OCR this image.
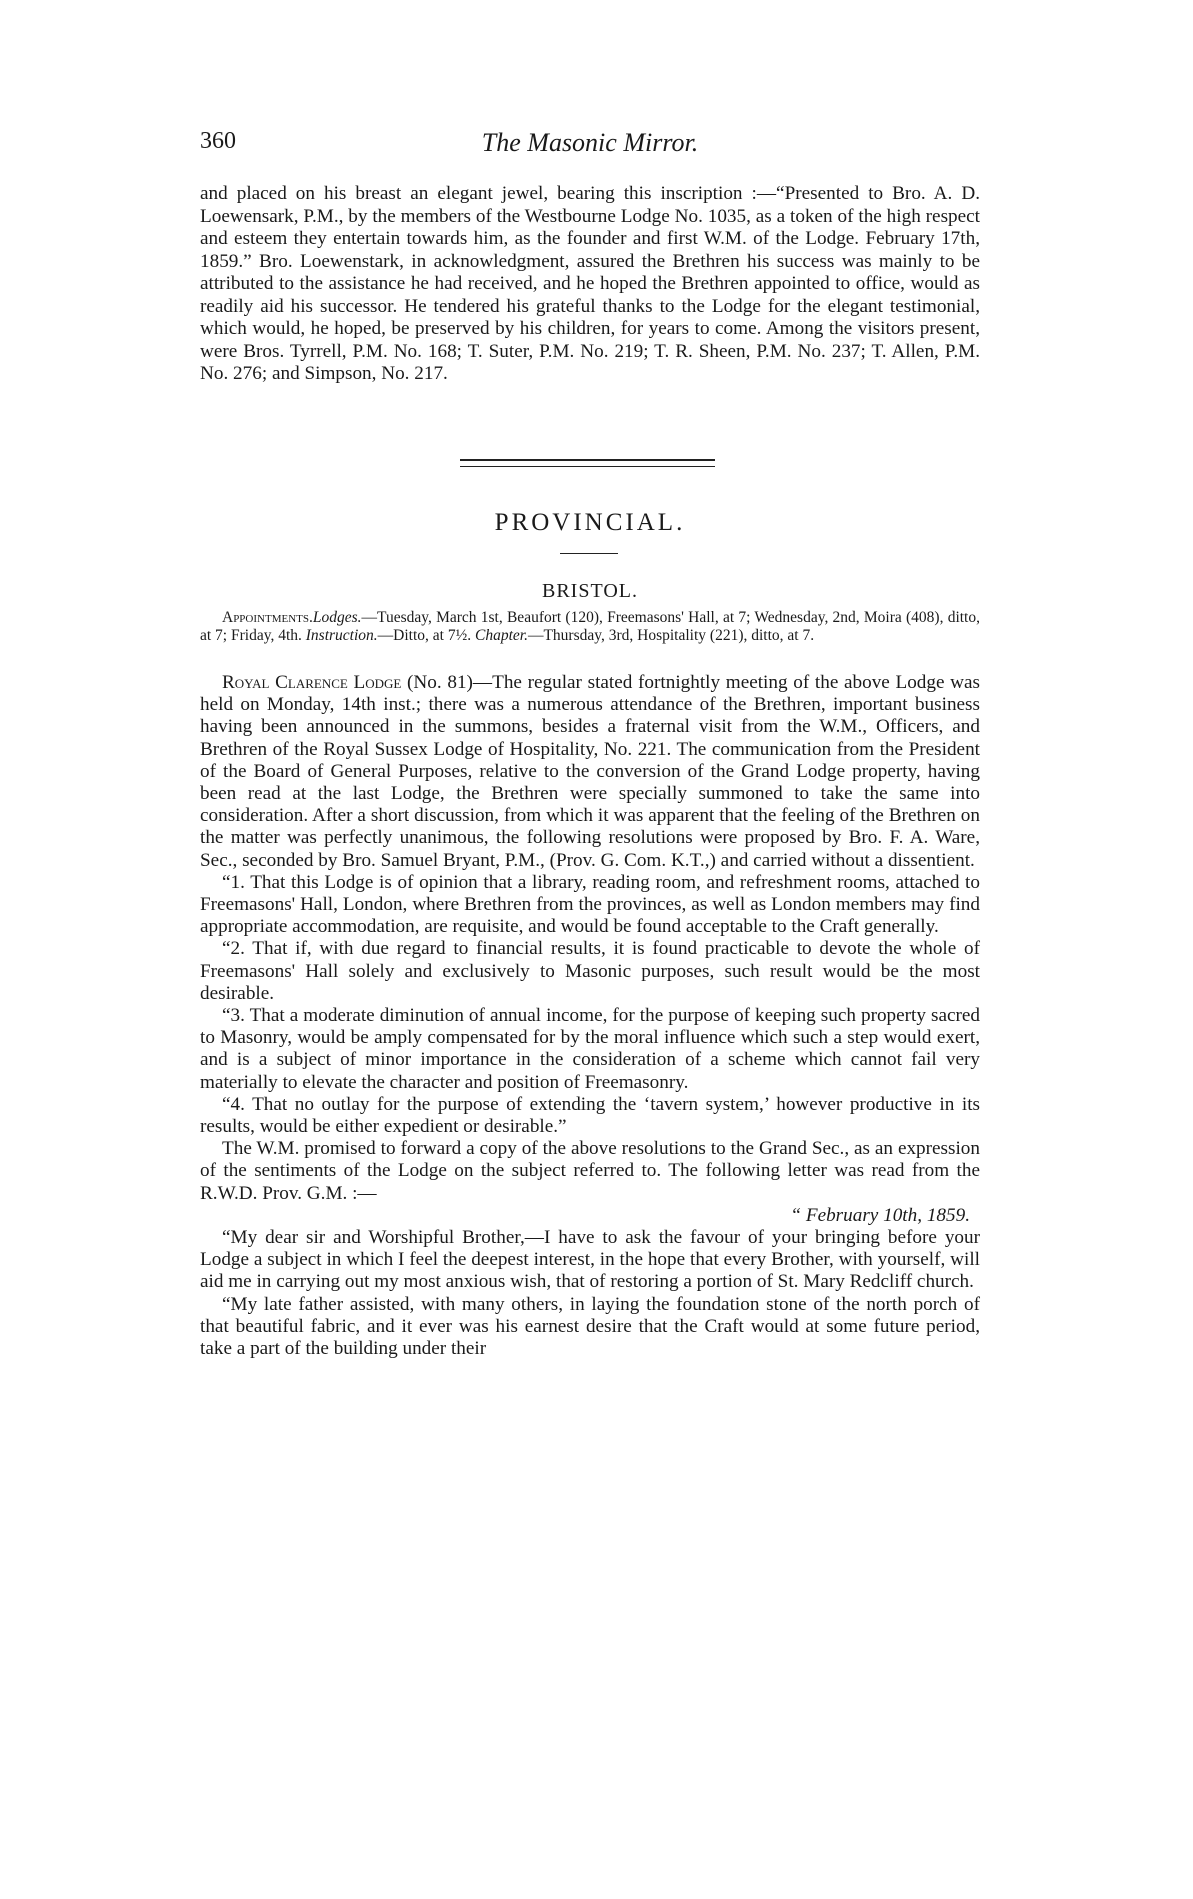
360	The Masonic Mirror.

and placed on his breast an elegant jewel, bearing this inscription :—“Presented to Bro. A. D. Loewensark, P.M., by the members of the Westbourne Lodge No. 1035, as a token of the high respect and esteem they entertain towards him, as the founder and first W.M. of the Lodge. February 17th, 1859.” Bro. Loewenstark, in acknowledgment, assured the Brethren his success was mainly to be attributed to the assistance he had received, and he hoped the Brethren appointed to office, would as readily aid his successor. He tendered his grateful thanks to the Lodge for the elegant testimonial, which would, he hoped, be preserved by his children, for years to come. Among the visitors present, were Bros. Tyrrell, P.M. No. 168; T. Suter, P.M. No. 219; T. R. Sheen, P.M. No. 237; T. Allen, P.M. No. 276; and Simpson, No. 217.

PROVINCIAL.
BRISTOL.

Appointments.Lodges.—Tuesday, March 1st, Beaufort (120), Freemasons' Hall, at 7; Wednesday, 2nd, Moira (408), ditto, at 7; Friday, 4th. Instruction.—Ditto, at 7½. Chapter.—Thursday, 3rd, Hospitality (221), ditto, at 7.

Royal Clarence Lodge (No. 81)—The regular stated fortnightly meeting of the above Lodge was held on Monday, 14th inst.; there was a numerous attendance of the Brethren, important business having been announced in the summons, besides a fraternal visit from the W.M., Officers, and Brethren of the Royal Sussex Lodge of Hospitality, No. 221. The communication from the President of the Board of General Purposes, relative to the conversion of the Grand Lodge property, having been read at the last Lodge, the Brethren were specially summoned to take the same into consideration. After a short discussion, from which it was apparent that the feeling of the Brethren on the matter was perfectly unanimous, the following resolutions were proposed by Bro. F. A. Ware, Sec., seconded by Bro. Samuel Bryant, P.M., (Prov. G. Com. K.T.,) and carried without a dissentient.

“1. That this Lodge is of opinion that a library, reading room, and refreshment rooms, attached to Freemasons' Hall, London, where Brethren from the provinces, as well as London members may find appropriate accommodation, are requisite, and would be found acceptable to the Craft generally.

“2. That if, with due regard to financial results, it is found practicable to devote the whole of Freemasons' Hall solely and exclusively to Masonic purposes, such result would be the most desirable.

“3. That a moderate diminution of annual income, for the purpose of keeping such property sacred to Masonry, would be amply compensated for by the moral influence which such a step would exert, and is a subject of minor importance in the consideration of a scheme which cannot fail very materially to elevate the character and position of Freemasonry.

“4. That no outlay for the purpose of extending the ‘tavern system,’ however productive in its results, would be either expedient or desirable.”

The W.M. promised to forward a copy of the above resolutions to the Grand Sec., as an expression of the sentiments of the Lodge on the subject referred to. The following letter was read from the R.W.D. Prov. G.M. :—

“ February 10th, 1859.

“My dear sir and Worshipful Brother,—I have to ask the favour of your bringing before your Lodge a subject in which I feel the deepest interest, in the hope that every Brother, with yourself, will aid me in carrying out my most anxious wish, that of restoring a portion of St. Mary Redcliff church.

“My late father assisted, with many others, in laying the foundation stone of the north porch of that beautiful fabric, and it ever was his earnest desire that the Craft would at some future period, take a part of the building under their
